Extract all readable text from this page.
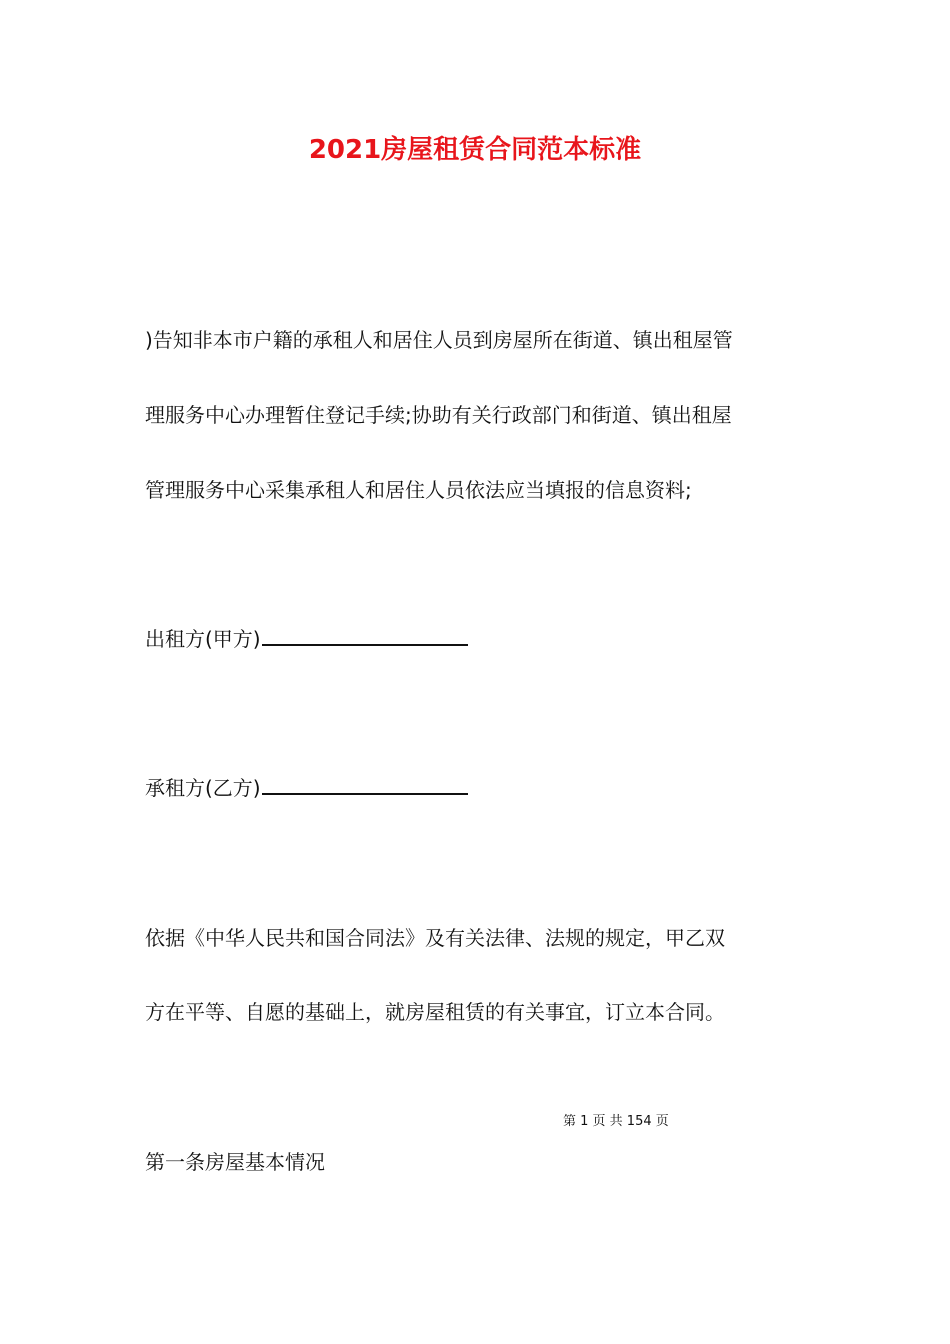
2021房屋租赁合同范本标准
)告知非本市户籍的承租人和居住人员到房屋所在街道、镇出租屋管
理服务中心办理暂住登记手续;协助有关行政部门和街道、镇出租屋
管理服务中心采集承租人和居住人员依法应当填报的信息资料;
出租方(甲方)
承租方(乙方)
依据《中华人民共和国合同法》及有关法律、法规的规定，甲乙双
方在平等、自愿的基础上，就房屋租赁的有关事宜，订立本合同。
第 1 页 共 154 页
第一条房屋基本情况
